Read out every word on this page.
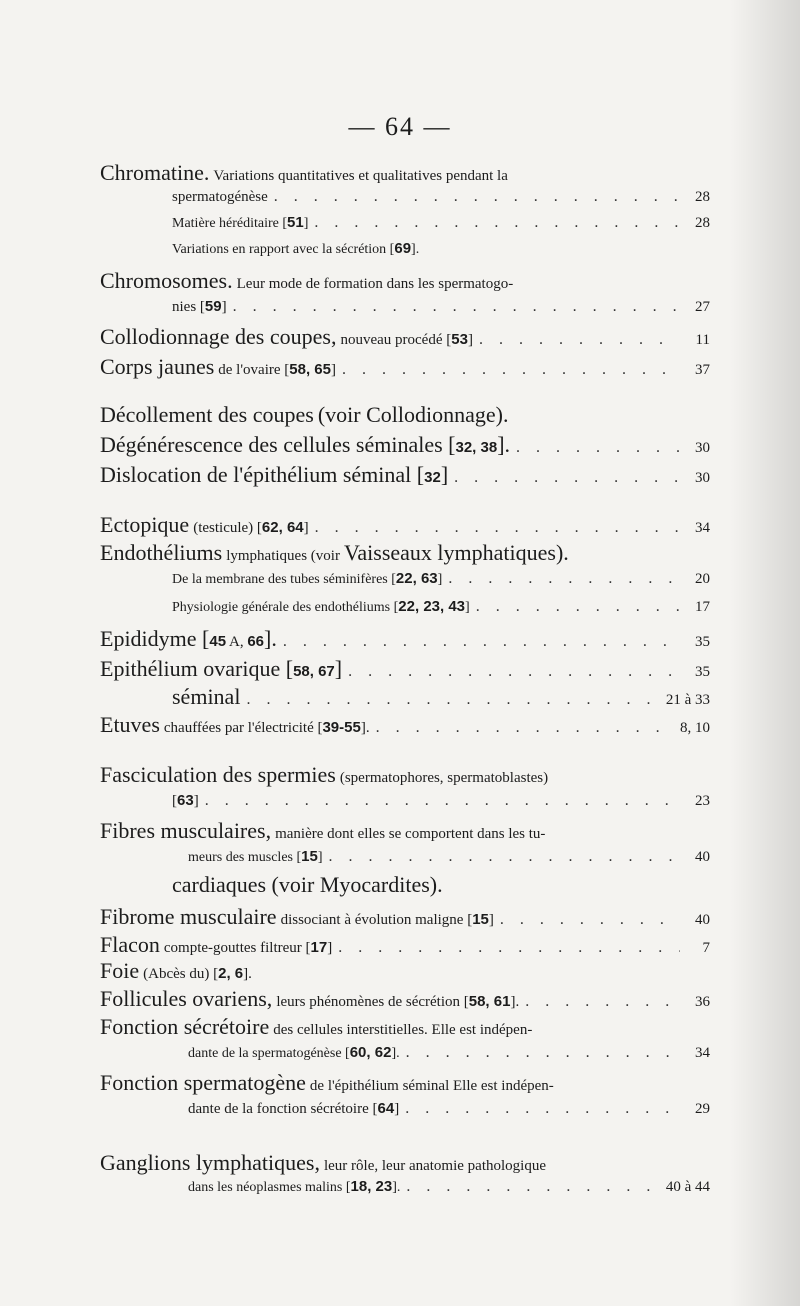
— 64 —
Chromatine. Variations quantitatives et qualitatives pendant la
spermatogénèse . . .	28
Matière héréditaire [51] . . .	28
Variations en rapport avec la sécrétion [69].
Chromosomes. Leur mode de formation dans les spermatogo-
nies [59] . . .	27
Collodionnage des coupes, nouveau procédé [53] . . .	11
Corps jaunes de l'ovaire [58, 65] . . .	37
Décollement des coupes (voir Collodionnage).
Dégénérescence des cellules séminales [32, 38]. . . .	30
Dislocation de l'épithélium séminal [32] . . .	30
Ectopique (testicule) [62, 64] . . .	34
Endothéliums lymphatiques (voir Vaisseaux lymphatiques).
De la membrane des tubes séminifères [22, 63] . . .	20
Physiologie générale des endothéliums [22, 23, 43] . . .	17
Epididyme [45 A, 66]. . . .	35
Epithélium ovarique [58, 67] . . .	35
séminal . . .	21 à 33
Etuves chauffées par l'électricité [39-55]. . . .	8, 10
Fasciculation des spermies (spermatophores, spermatoblastes)
[63] . . .	23
Fibres musculaires, manière dont elles se comportent dans les tu-
meurs des muscles [15] . . .	40
cardiaques (voir Myocardites).
Fibrome musculaire dissociant à évolution maligne [15] . . .	40
Flacon compte-gouttes filtreur [17] . . .	7
Foie (Abcès du) [2, 6].
Follicules ovariens, leurs phénomènes de sécrétion [58, 61]. . . .	36
Fonction sécrétoire des cellules interstitielles. Elle est indépen-
dante de la spermatogénèse [60, 62]. . . .	34
Fonction spermatogène de l'épithélium séminal Elle est indépen-
dante de la fonction sécrétoire [64] . . .	29
Ganglions lymphatiques, leur rôle, leur anatomie pathologique
dans les néoplasmes malins [18, 23]. . . .	40 à 44
